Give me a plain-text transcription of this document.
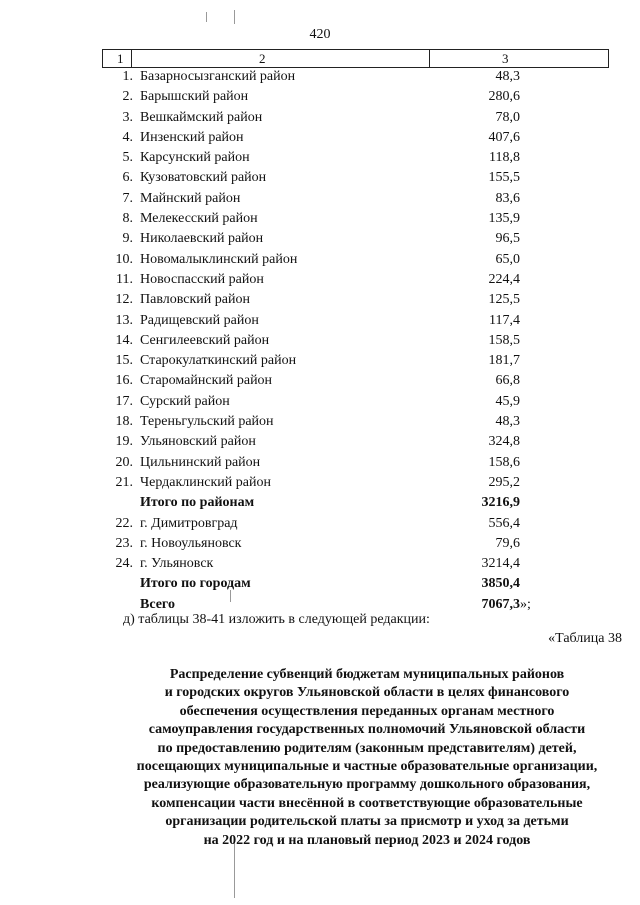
420
1	2	3
1. Базарносызганский район	48,3
2. Барышский район	280,6
3. Вешкаймский район	78,0
4. Инзенский район	407,6
5. Карсунский район	118,8
6. Кузоватовский район	155,5
7. Майнский район	83,6
8. Мелекесский район	135,9
9. Николаевский район	96,5
10. Новомалыклинский район	65,0
11. Новоспасский район	224,4
12. Павловский район	125,5
13. Радищевский район	117,4
14. Сенгилеевский район	158,5
15. Старокулаткинский район	181,7
16. Старомайнский район	66,8
17. Сурский район	45,9
18. Тереньгульский район	48,3
19. Ульяновский район	324,8
20. Цильнинский район	158,6
21. Чердаклинский район	295,2
Итого по районам	3216,9
22. г. Димитровград	556,4
23. г. Новоульяновск	79,6
24. г. Ульяновск	3214,4
Итого по городам	3850,4
Всего	7067,3 »;
д) таблицы 38-41 изложить в следующей редакции:
«Таблица 38
Распределение субвенций бюджетам муниципальных районов
и городских округов Ульяновской области в целях финансового
обеспечения осуществления переданных органам местного
самоуправления государственных полномочий Ульяновской области
по предоставлению родителям (законным представителям) детей,
посещающих муниципальные и частные образовательные организации,
реализующие образовательную программу дошкольного образования,
компенсации части внесённой в соответствующие образовательные
организации родительской платы за присмотр и уход за детьми
на 2022 год и на плановый период 2023 и 2024 годов
